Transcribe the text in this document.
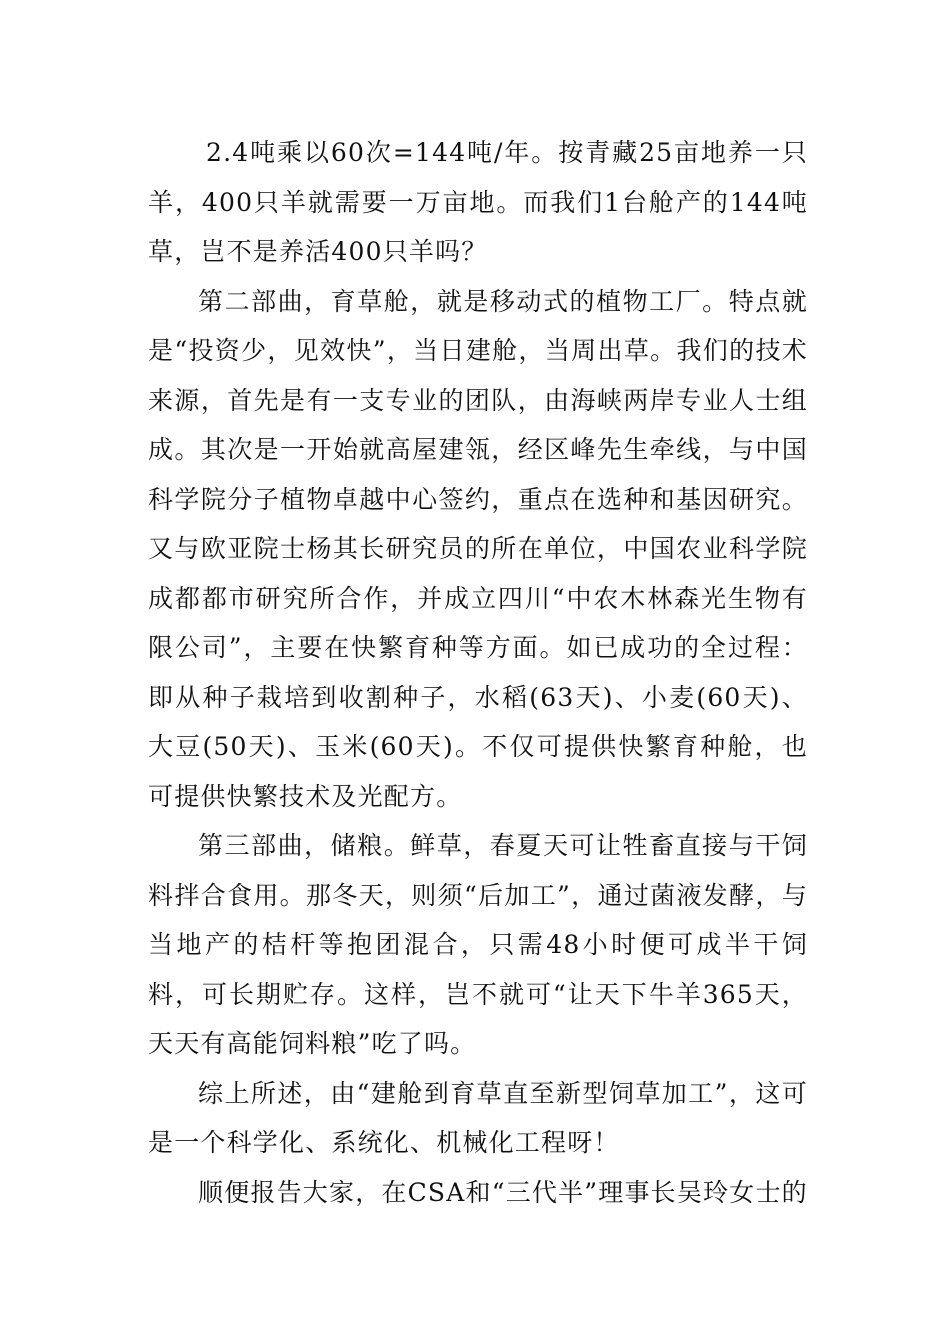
2.4吨乘以60次=144吨/年。按青藏25亩地养一只羊，400只羊就需要一万亩地。而我们1台舱产的144吨草，岂不是养活400只羊吗？

第二部曲，育草舱，就是移动式的植物工厂。特点就是“投资少，见效快”，当日建舱，当周出草。我们的技术来源，首先是有一支专业的团队，由海峡两岸专业人士组成。其次是一开始就高屋建瓴，经区峰先生牵线，与中国科学院分子植物卓越中心签约，重点在选种和基因研究。又与欧亚院士杨其长研究员的所在单位，中国农业科学院成都都市研究所合作，并成立四川“中农木林森光生物有限公司”，主要在快繁育种等方面。如已成功的全过程：即从种子栽培到收割种子，水稻(63天)、小麦(60天)、大豆(50天)、玉米(60天)。不仅可提供快繁育种舱，也可提供快繁技术及光配方。

第三部曲，储粮。鲜草，春夏天可让牲畜直接与干饲料拌合食用。那冬天，则须“后加工”，通过菌液发酵，与当地产的桔杆等抱团混合，只需48小时便可成半干饲料，可长期贮存。这样，岂不就可“让天下牛羊365天，天天有高能饲料粮”吃了吗。

综上所述，由“建舱到育草直至新型饲草加工”，这可是一个科学化、系统化、机械化工程呀！

顺便报告大家，在CSA和“三代半”理事长吴玲女士的
